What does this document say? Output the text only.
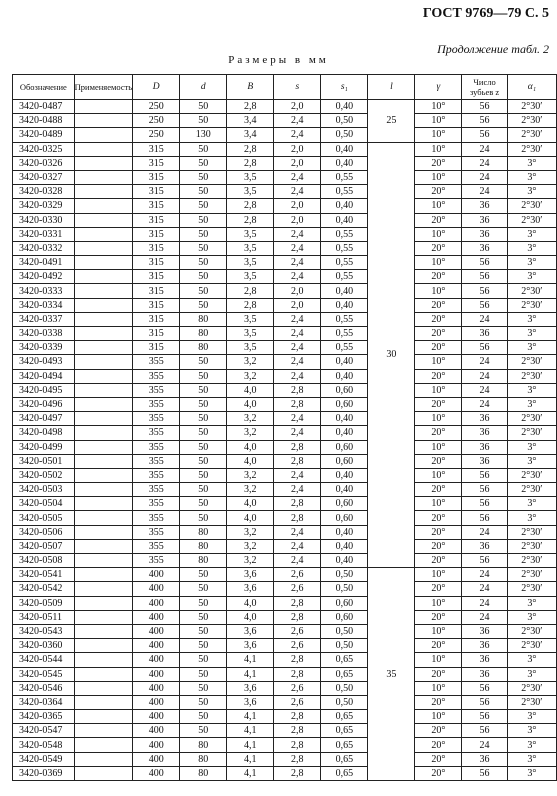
ГОСТ 9769—79 С. 5
Продолжение табл. 2
Размеры в мм
Обозначение	Применяемость	D	d	B	s	s₁	l	γ	Число зубьев z	α₁
3420-0487		250	50	2,8	2,0	0,40	25	10°	56	2°30′
3420-0488		250	50	3,4	2,4	0,50		10°	56	2°30′
3420-0489		250	130	3,4	2,4	0,50		10°	56	2°30′
3420-0325		315	50	2,8	2,0	0,40	30	10°	24	2°30′
3420-0326		315	50	2,8	2,0	0,40		20°	24	3°
3420-0327		315	50	3,5	2,4	0,55		10°	24	3°
3420-0328		315	50	3,5	2,4	0,55		20°	24	3°
3420-0329		315	50	2,8	2,0	0,40		10°	36	2°30′
3420-0330		315	50	2,8	2,0	0,40		20°	36	2°30′
3420-0331		315	50	3,5	2,4	0,55		10°	36	3°
3420-0332		315	50	3,5	2,4	0,55		20°	36	3°
3420-0491		315	50	3,5	2,4	0,55		10°	56	3°
3420-0492		315	50	3,5	2,4	0,55		20°	56	3°
3420-0333		315	50	2,8	2,0	0,40		10°	56	2°30′
3420-0334		315	50	2,8	2,0	0,40		20°	56	2°30′
3420-0337		315	80	3,5	2,4	0,55		20°	24	3°
3420-0338		315	80	3,5	2,4	0,55		20°	36	3°
3420-0339		315	80	3,5	2,4	0,55		20°	56	3°
3420-0493		355	50	3,2	2,4	0,40		10°	24	2°30′
3420-0494		355	50	3,2	2,4	0,40		20°	24	2°30′
3420-0495		355	50	4,0	2,8	0,60		10°	24	3°
3420-0496		355	50	4,0	2,8	0,60		20°	24	3°
3420-0497		355	50	3,2	2,4	0,40		10°	36	2°30′
3420-0498		355	50	3,2	2,4	0,40		20°	36	2°30′
3420-0499		355	50	4,0	2,8	0,60		10°	36	3°
3420-0501		355	50	4,0	2,8	0,60		20°	36	3°
3420-0502		355	50	3,2	2,4	0,40		10°	56	2°30′
3420-0503		355	50	3,2	2,4	0,40		20°	56	2°30′
3420-0504		355	50	4,0	2,8	0,60		10°	56	3°
3420-0505		355	50	4,0	2,8	0,60		20°	56	3°
3420-0506		355	80	3,2	2,4	0,40		20°	24	2°30′
3420-0507		355	80	3,2	2,4	0,40		20°	36	2°30′
3420-0508		355	80	3,2	2,4	0,40		20°	56	2°30′
3420-0541		400	50	3,6	2,6	0,50	35	10°	24	2°30′
3420-0542		400	50	3,6	2,6	0,50		20°	24	2°30′
3420-0509		400	50	4,0	2,8	0,60		10°	24	3°
3420-0511		400	50	4,0	2,8	0,60		20°	24	3°
3420-0543		400	50	3,6	2,6	0,50		10°	36	2°30′
3420-0360		400	50	3,6	2,6	0,50		20°	36	2°30′
3420-0544		400	50	4,1	2,8	0,65		10°	36	3°
3420-0545		400	50	4,1	2,8	0,65		20°	36	3°
3420-0546		400	50	3,6	2,6	0,50		10°	56	2°30′
3420-0364		400	50	3,6	2,6	0,50		20°	56	2°30′
3420-0365		400	50	4,1	2,8	0,65		10°	56	3°
3420-0547		400	50	4,1	2,8	0,65		20°	56	3°
3420-0548		400	80	4,1	2,8	0,65		20°	24	3°
3420-0549		400	80	4,1	2,8	0,65		20°	36	3°
3420-0369		400	80	4,1	2,8	0,65		20°	56	3°
